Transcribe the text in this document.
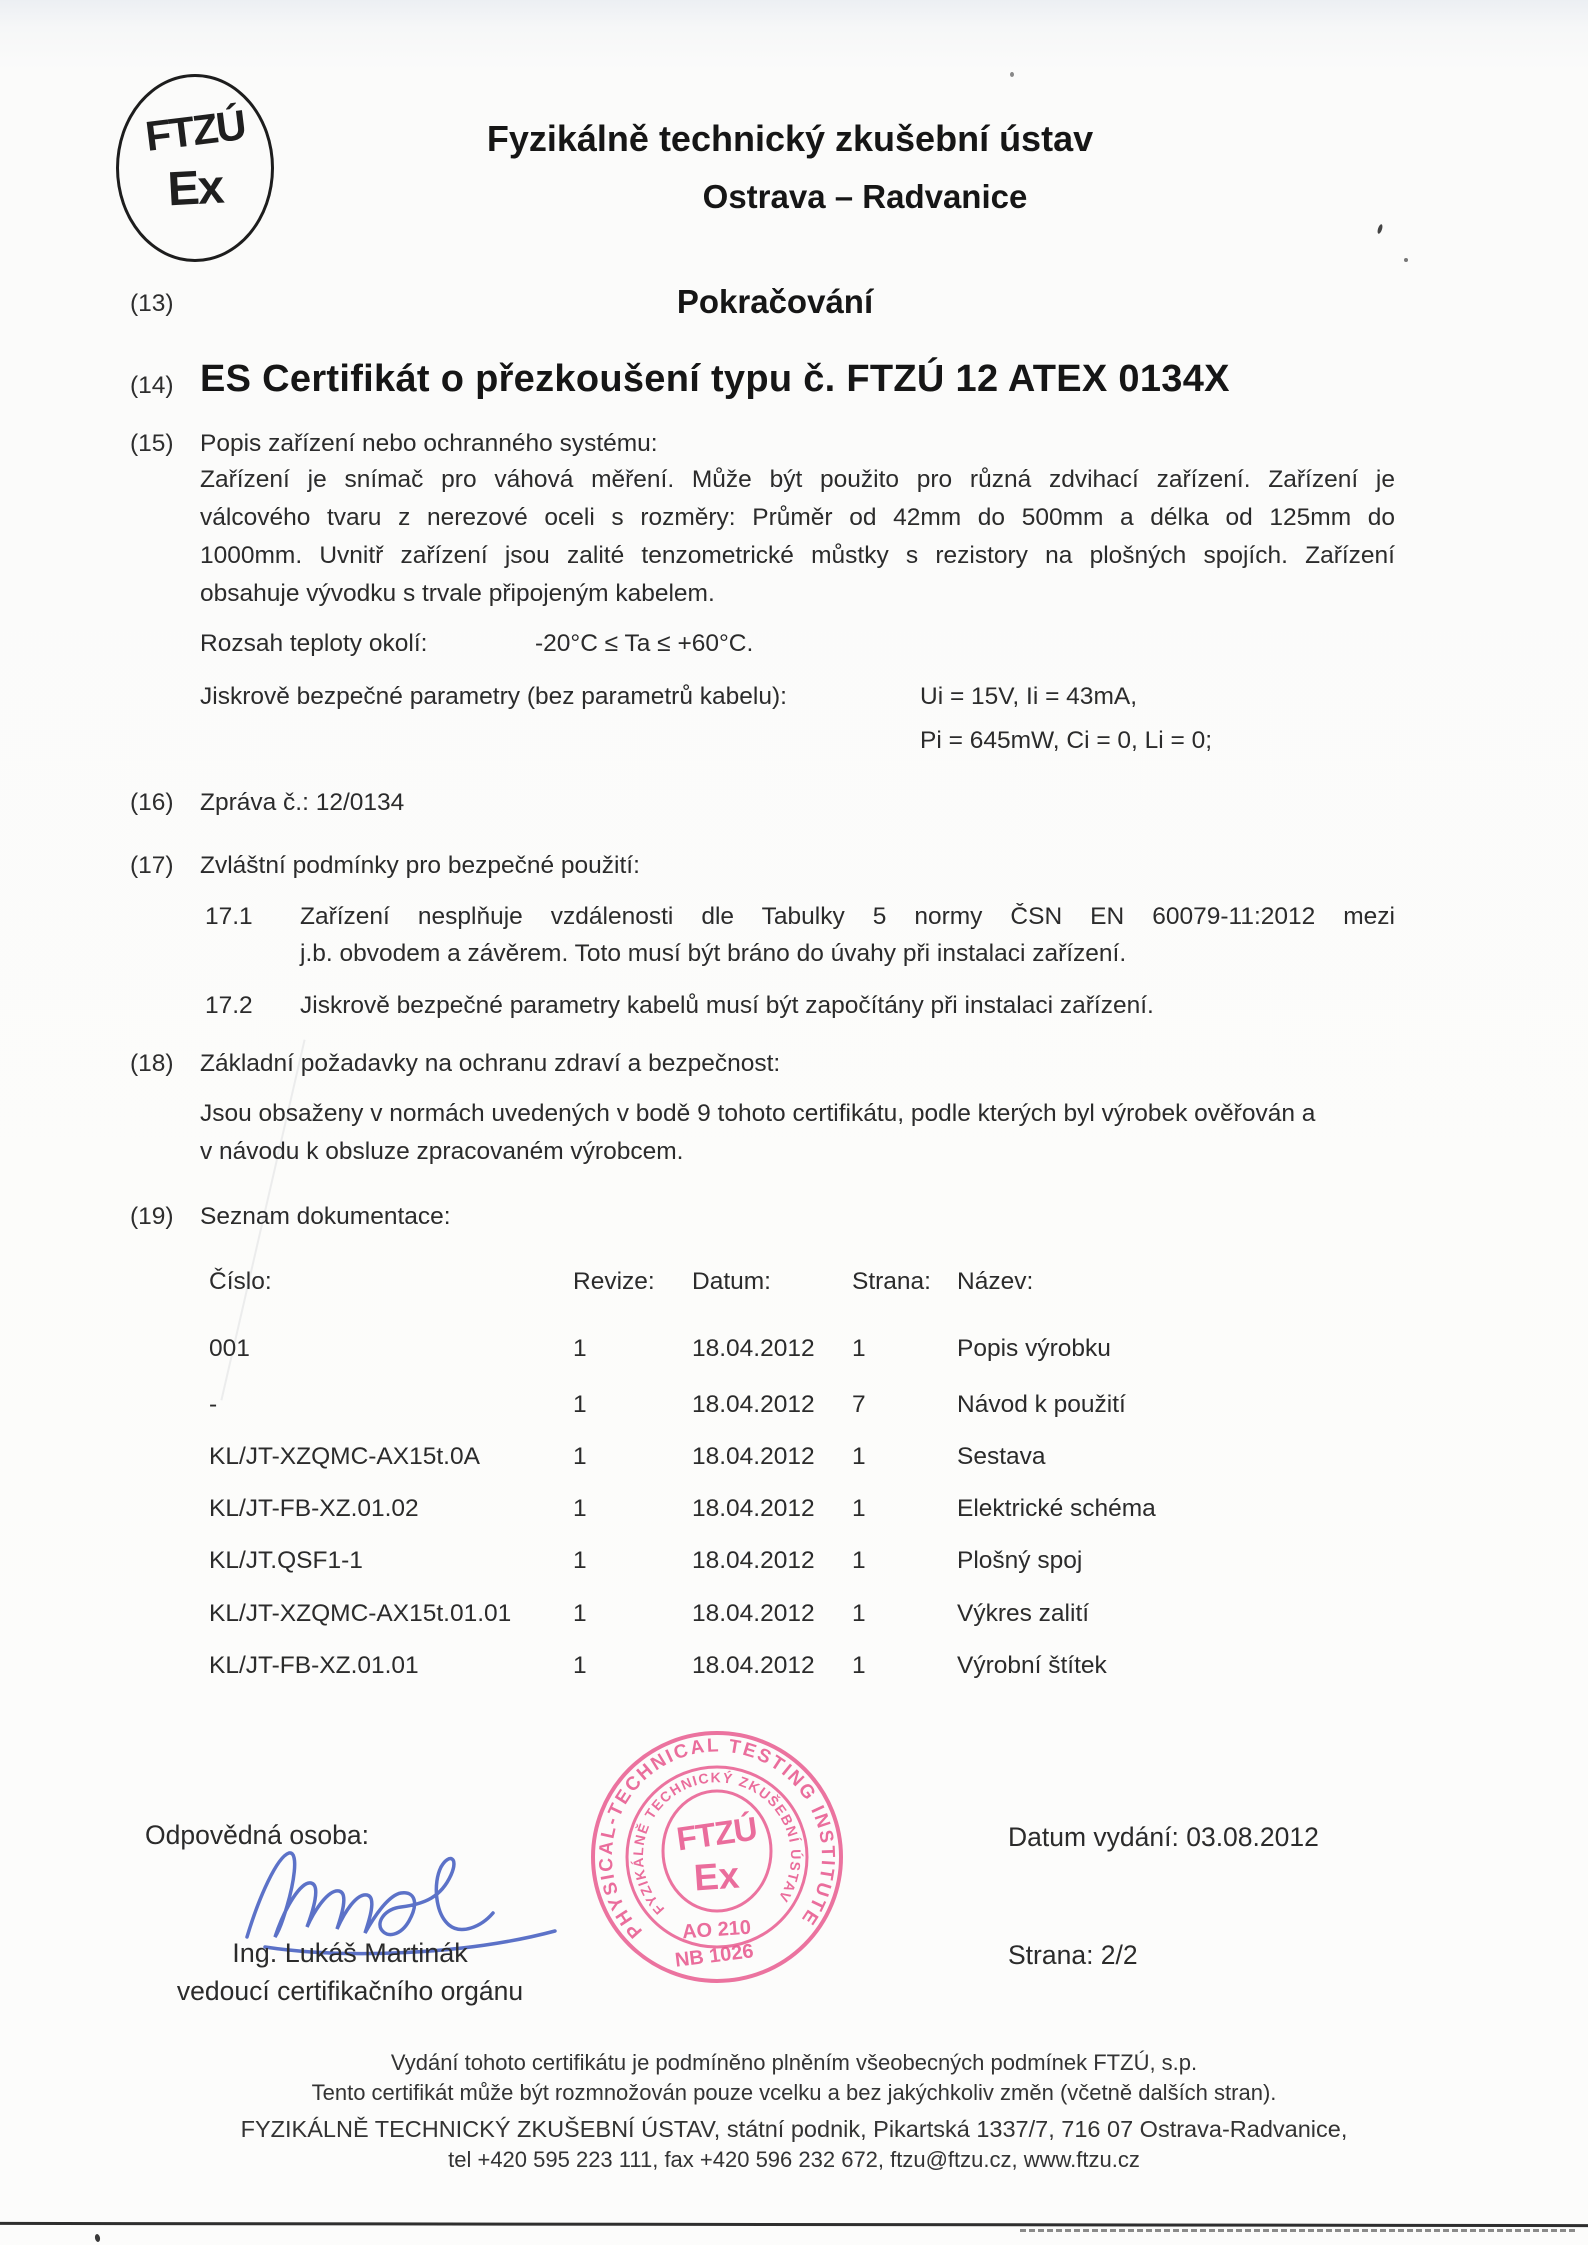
FTZÚ
Ex
Fyzikálně technický zkušební ústav
Ostrava – Radvanice
(13)	Pokračování
(14) ES Certifikát o přezkoušení typu č. FTZÚ 12 ATEX 0134X
(15) Popis zařízení nebo ochranného systému:
Zařízení je snímač pro váhová měření. Může být použito pro různá zdvihací zařízení. Zařízení je
válcového tvaru z nerezové oceli s rozměry: Průměr od 42mm do 500mm a délka od 125mm do
1000mm. Uvnitř zařízení jsou zalité tenzometrické můstky s rezistory na plošných spojích. Zařízení
obsahuje vývodku s trvale připojeným kabelem.
Rozsah teploty okolí:	-20°C ≤ Ta ≤ +60°C.
Jiskrově bezpečné parametry (bez parametrů kabelu):	Ui = 15V, Ii = 43mA,
Pi = 645mW, Ci = 0, Li = 0;
(16) Zpráva č.: 12/0134
(17) Zvláštní podmínky pro bezpečné použití:
17.1 Zařízení nesplňuje vzdálenosti dle Tabulky 5 normy ČSN EN 60079-11:2012 mezi
j.b. obvodem a závěrem. Toto musí být bráno do úvahy při instalaci zařízení.
17.2 Jiskrově bezpečné parametry kabelů musí být započítány při instalaci zařízení.
(18) Základní požadavky na ochranu zdraví a bezpečnost:
Jsou obsaženy v normách uvedených v bodě 9 tohoto certifikátu, podle kterých byl výrobek ověřován a
v návodu k obsluze zpracovaném výrobcem.
(19) Seznam dokumentace:
Číslo:	Revize: Datum:	Strana: Název:
001	1	18.04.2012 1	Popis výrobku
-	1	18.04.2012 7	Návod k použití
KL/JT-XZQMC-AX15t.0A	1	18.04.2012 1	Sestava
KL/JT-FB-XZ.01.02	1	18.04.2012 1	Elektrické schéma
KL/JT.QSF1-1	1	18.04.2012 1	Plošný spoj
KL/JT-XZQMC-AX15t.01.01	1	18.04.2012 1	Výkres zalití
KL/JT-FB-XZ.01.01	1	18.04.2012 1	Výrobní štítek
PHYSICAL-TECHNICAL TESTING INSTITUTE
FYZIKÁLNĚ TECHNICKÝ ZKUŠEBNÍ ÚSTAV
FTZÚ
Ex
AO 210
NB 1026
Odpovědná osoba:
Ing. Lukáš Martinák
vedoucí certifikačního orgánu
Datum vydání: 03.08.2012
Strana: 2/2
Vydání tohoto certifikátu je podmíněno plněním všeobecných podmínek FTZÚ, s.p.
Tento certifikát může být rozmnožován pouze vcelku a bez jakýchkoliv změn (včetně dalších stran).
FYZIKÁLNĚ TECHNICKÝ ZKUŠEBNÍ ÚSTAV, státní podnik, Pikartská 1337/7, 716 07 Ostrava-Radvanice,
tel +420 595 223 111, fax +420 596 232 672, ftzu@ftzu.cz, www.ftzu.cz
